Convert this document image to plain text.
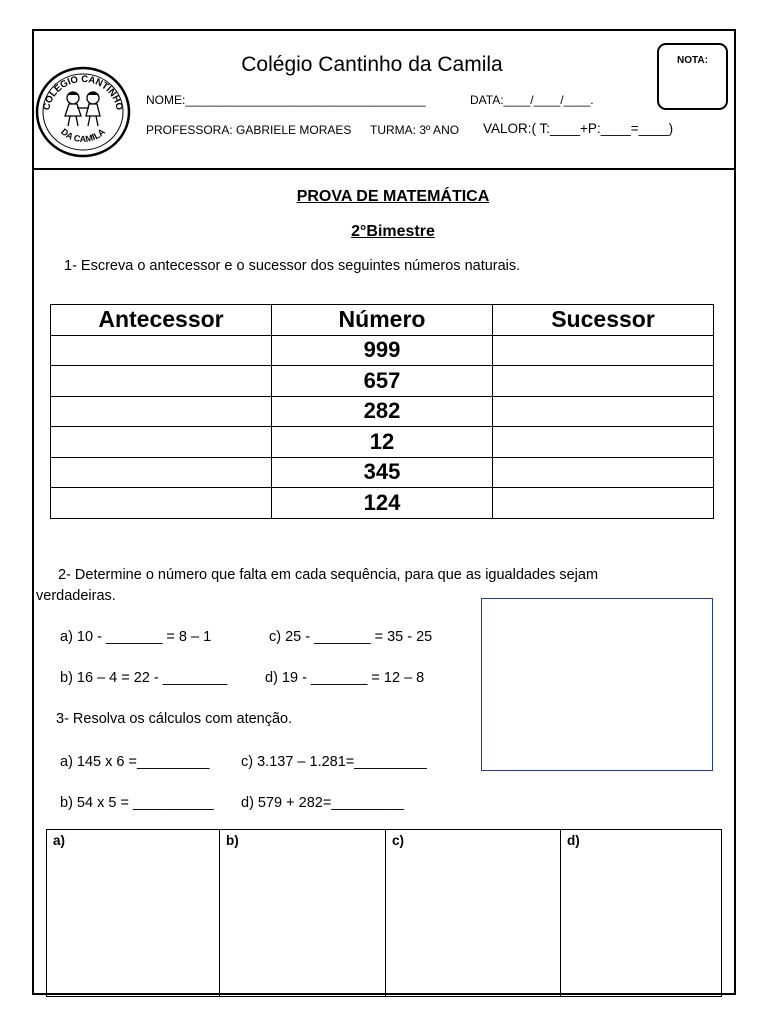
COLÉGIO CANTINHO
DA CAMILA
Colégio Cantinho da Camila	NOTA:
NOME:____________________________________	DATA:____/____/____.
PROFESSORA: GABRIELE MORAES TURMA: 3º ANO VALOR:( T:____+P:____=____)
PROVA DE MATEMÁTICA
2°Bimestre
1- Escreva o antecessor e o sucessor dos seguintes números naturais.
Antecessor	Número	Sucessor
	999	
	657	
	282	
	12	
	345	
	124	
2- Determine o número que falta em cada sequência, para que as igualdades sejam
verdadeiras.
a) 10 - _______ = 8 – 1	c) 25 - _______ = 35 - 25
b) 16 – 4 = 22 - ________	d) 19 - _______ = 12 – 8
3- Resolva os cálculos com atenção.
a) 145 x 6 =_________ c) 3.137 – 1.281=_________
b) 54 x 5 = __________ d) 579 + 282=_________
a)	b)	c)	d)
